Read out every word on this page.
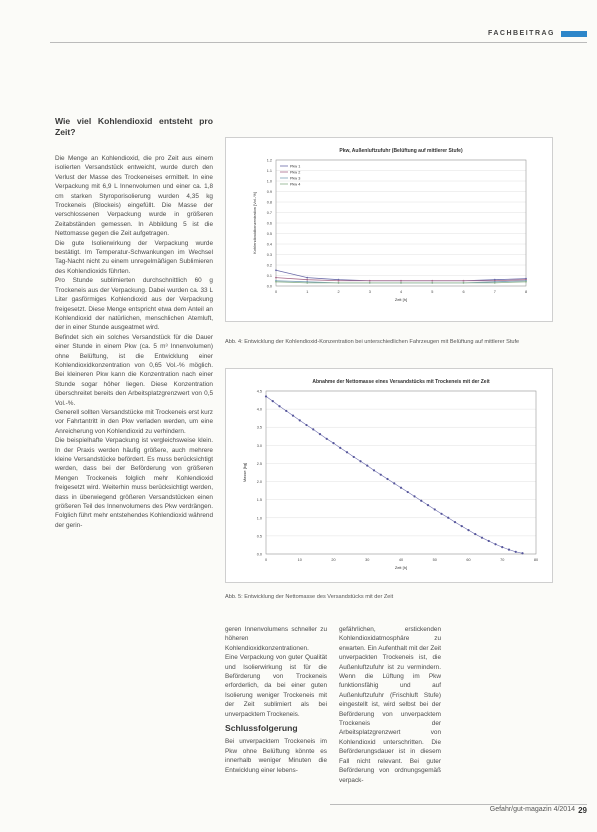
FACHBEITRAG
Wie viel Kohlendioxid entsteht pro Zeit?

Die Menge an Kohlendioxid, die pro Zeit aus einem isolierten Versandstück entweicht, wurde durch den Verlust der Masse des Trockeneises ermittelt. In eine Verpackung mit 6,9 L Innenvolumen und einer ca. 1,8 cm starken Styroporisolierung wurden 4,35 kg Trockeneis (Blockeis) eingefüllt. Die Masse der verschlossenen Verpackung wurde in größeren Zeitabständen gemessen. In Abbildung 5 ist die Nettomasse gegen die Zeit aufgetragen.

Die gute Isolierwirkung der Verpackung wurde bestätigt. Im Temperatur-Schwankungen im Wechsel Tag-Nacht nicht zu einem unregelmäßigen Sublimieren des Kohlendioxids führten.

Pro Stunde sublimierten durchschnittlich 60 g Trockeneis aus der Verpackung. Dabei wurden ca. 33 L Liter gasförmiges Kohlendioxid aus der Verpackung freigesetzt. Diese Menge entspricht etwa dem Anteil an Kohlendioxid der natürlichen, menschlichen Atemluft, der in einer Stunde ausgeatmet wird.

Befindet sich ein solches Versandstück für die Dauer einer Stunde in einem Pkw (ca. 5 m³ Innenvolumen) ohne Belüftung, ist die Entwicklung einer Kohlendioxidkonzentration von 0,65 Vol.-% möglich. Bei kleineren Pkw kann die Konzentration nach einer Stunde sogar höher liegen. Diese Konzentration überschreitet bereits den Arbeitsplatzgrenzwert von 0,5 Vol.-%.

Generell sollten Versandstücke mit Trockeneis erst kurz vor Fahrtantritt in den Pkw verladen werden, um eine Anreicherung von Kohlendioxid zu verhindern.

Die beispielhafte Verpackung ist vergleichsweise klein. In der Praxis werden häufig größere, auch mehrere kleine Versandstücke befördert. Es muss berücksichtigt werden, dass bei der Beförderung von größeren Mengen Trockeneis folglich mehr Kohlendioxid freigesetzt wird. Weiterhin muss berücksichtigt werden, dass in überwiegend größeren Versandstücken einen größeren Teil des Innenvolumens des Pkw verdrängen. Folglich führt mehr entstehendes Kohlendioxid während der gerin-

Pkw, Außenluftzufuhr (Belüftung auf mittlerer Stufe)
0.0
0.1
0.2
0.3
0.4
0.5
0.6
0.7
0.8
0.9
1.0
1.1
1.2
0	1	2	3	4	5	6	7	8
Zeit [h]
Kohlendioxidkonzentration [Vol.-%]
Pkw 1
Pkw 2
Pkw 3
Pkw 4
Abb. 4: Entwicklung der Kohlendioxid-Konzentration bei unterschiedlichen Fahrzeugen mit Belüftung auf mittlerer Stufe
Abnahme der Nettomasse eines Versandstücks mit Trockeneis mit der Zeit
0.0
0.5
1.0
1.5
2.0
2.5
3.0
3.5
4.0
4.5
0	10	20	30	40	50	60	70	80
Zeit [h]
Masse [kg]
Abb. 5: Entwicklung der Nettomasse des Versandstücks mit der Zeit

geren Innenvolumens schneller zu höheren Kohlendioxidkonzentrationen.

Eine Verpackung von guter Qualität und Isolierwirkung ist für die Beförderung von Trockeneis erforderlich, da bei einer guten Isolierung weniger Trockeneis mit der Zeit sublimiert als bei unverpacktem Trockeneis.

Schlussfolgerung

Bei unverpacktem Trockeneis im Pkw ohne Belüftung könnte es innerhalb weniger Minuten die Entwicklung einer lebens-

gefährlichen, erstickenden Kohlendioxidatmosphäre zu erwarten. Ein Aufenthalt mit der Zeit unverpackten Trockeneis ist, die Außenluftzufuhr ist zu vermindern. Wenn die Lüftung im Pkw funktionsfähig und auf Außenluftzufuhr (Frischluft Stufe) eingestellt ist, wird selbst bei der Beförderung von unverpacktem Trockeneis der Arbeitsplatzgrenzwert von Kohlendioxid unterschritten. Die Beförderungsdauer ist in diesem Fall nicht relevant. Bei guter Beförderung von ordnungsgemäß verpack-

Gefahr/gut-magazin 4/2014 29
